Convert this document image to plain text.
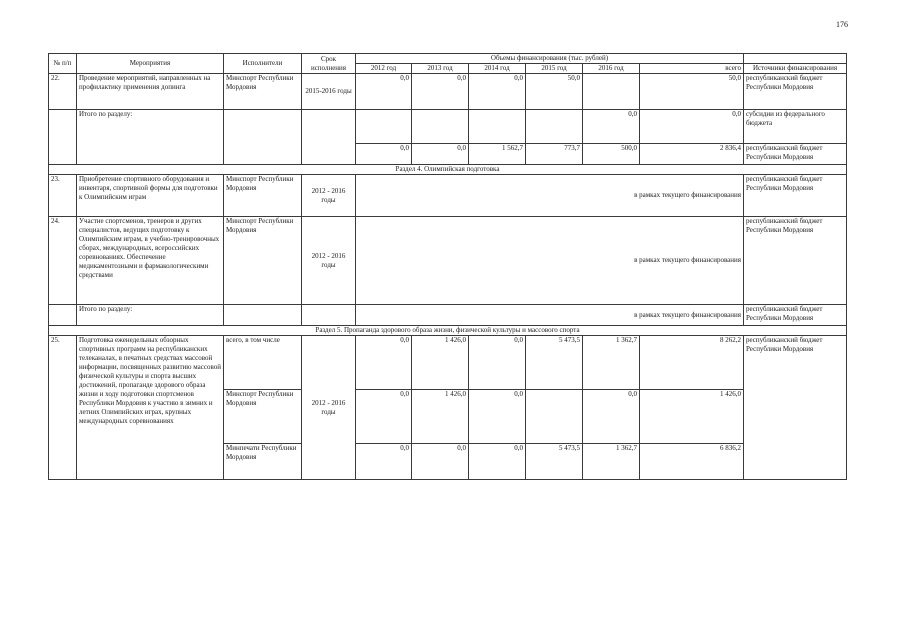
176
№ п/п	Мероприятия	Исполнители	Срок исполнения	Объемы финансирования (тыс. рублей)						
				2012 год	2013 год	2014 год	2015 год	2016 год	всего	Источники финансирования
22.	Проведение мероприятий, направленных на профилактику применения допинга	Минспорт Республики Мордовия	2015-2016 годы	0,0	0,0	0,0	50,0		50,0	республиканский бюджет Республики Мордовия
	Итого по разделу:							0,0	0,0	субсидии из федерального бюджета
				0,0	0,0	1 562,7	773,7	500,0	2 836,4	республиканский бюджет Республики Мордовия
Раздел 4. Олимпийская подготовка										
23.	Приобретение спортивного оборудования и инвентаря, спортивной формы для подготовки к Олимпийским играм	Минспорт Республики Мордовия	2012 - 2016 годы	в рамках текущего финансирования						республиканский бюджет Республики Мордовия
24.	Участие спортсменов, тренеров и других специалистов, ведущих подготовку к Олимпийским играм, в учебно-тренировочных сборах, международных, всероссийских соревнованиях. Обеспечение медикаментозными и фармакологическими средствами	Минспорт Республики Мордовия	2012 - 2016 годы	в рамках текущего финансирования						республиканский бюджет Республики Мордовия
	Итого по разделу:			в рамках текущего финансирования						республиканский бюджет Республики Мордовия
Раздел 5. Пропаганда здорового образа жизни, физической культуры и массового спорта										
25.	Подготовка еженедельных обзорных спортивных программ на республиканских телеканалах, в печатных средствах массовой информации, посвященных развитию массовой физической культуры и спорта высших достижений, пропаганде здорового образа жизни и ходу подготовки спортсменов Республики Мордовия к участию в зимних и летних Олимпийских играх, крупных международных соревнованиях	всего, в том числе	2012 - 2016 годы	0,0	1 426,0	0,0	5 473,5	1 362,7	8 262,2	республиканский бюджет Республики Мордовия
		Минспорт Республики Мордовия		0,0	1 426,0	0,0		0,0	1 426,0	
		Минпечати Республики Мордовия		0,0	0,0	0,0	5 473,5	1 362,7	6 836,2	
